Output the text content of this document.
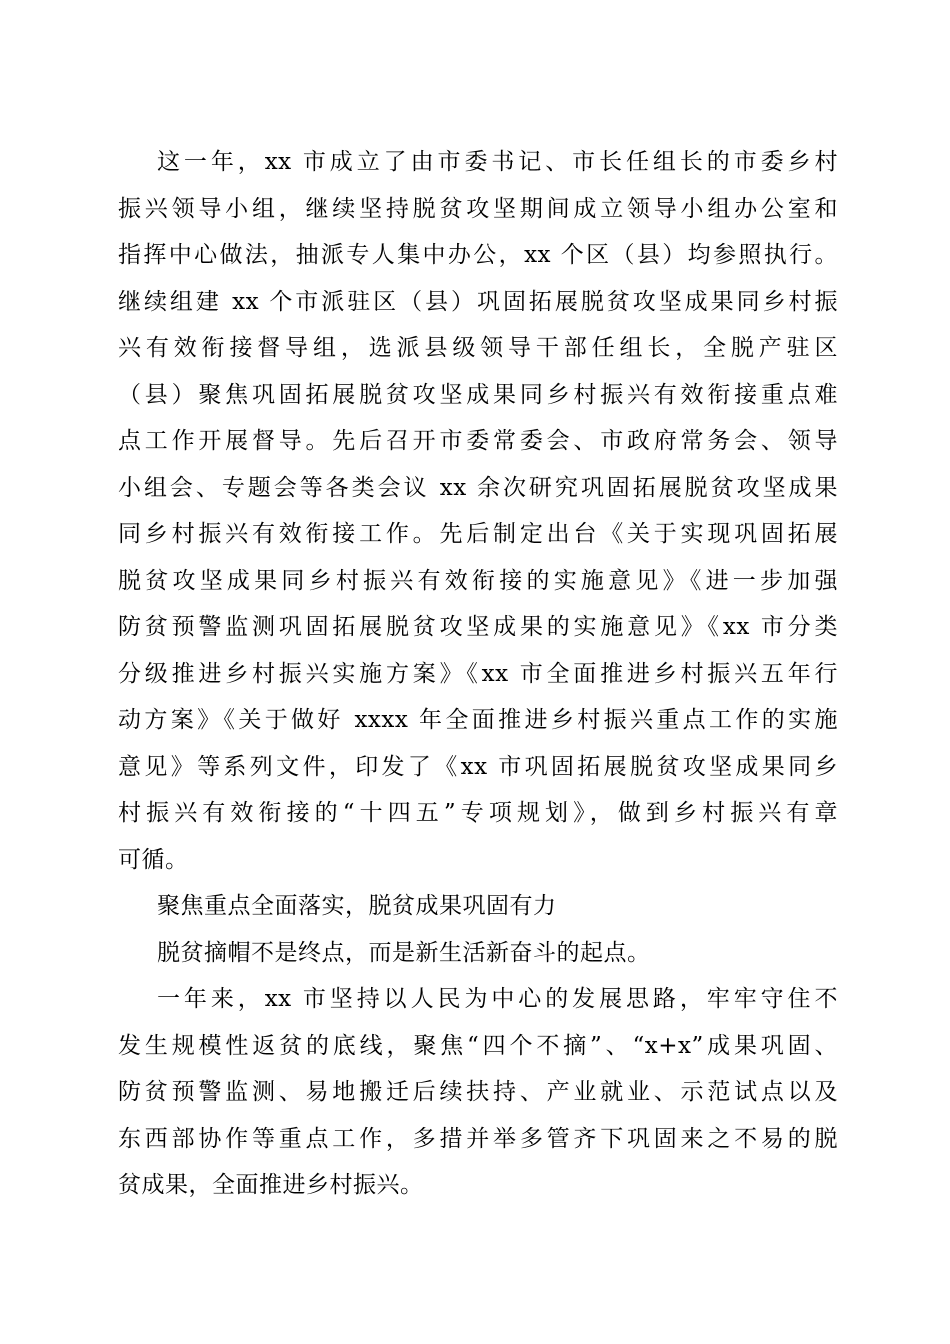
这一年，xx 市成立了由市委书记、市长任组长的市委乡村
振兴领导小组，继续坚持脱贫攻坚期间成立领导小组办公室和
指挥中心做法，抽派专人集中办公，xx 个区（县）均参照执行。
继续组建 xx 个市派驻区（县）巩固拓展脱贫攻坚成果同乡村振
兴有效衔接督导组，选派县级领导干部任组长，全脱产驻区
（县）聚焦巩固拓展脱贫攻坚成果同乡村振兴有效衔接重点难
点工作开展督导。先后召开市委常委会、市政府常务会、领导
小组会、专题会等各类会议 xx 余次研究巩固拓展脱贫攻坚成果
同乡村振兴有效衔接工作。先后制定出台《关于实现巩固拓展
脱贫攻坚成果同乡村振兴有效衔接的实施意见》《进一步加强
防贫预警监测巩固拓展脱贫攻坚成果的实施意见》《xx 市分类
分级推进乡村振兴实施方案》《xx 市全面推进乡村振兴五年行
动方案》《关于做好 xxxx 年全面推进乡村振兴重点工作的实施
意见》等系列文件，印发了《xx 市巩固拓展脱贫攻坚成果同乡
村振兴有效衔接的“十四五”专项规划》，做到乡村振兴有章
可循。
聚焦重点全面落实，脱贫成果巩固有力
脱贫摘帽不是终点，而是新生活新奋斗的起点。
一年来，xx 市坚持以人民为中心的发展思路，牢牢守住不
发生规模性返贫的底线，聚焦“四个不摘”、“x+x”成果巩固、
防贫预警监测、易地搬迁后续扶持、产业就业、示范试点以及
东西部协作等重点工作，多措并举多管齐下巩固来之不易的脱
贫成果，全面推进乡村振兴。
